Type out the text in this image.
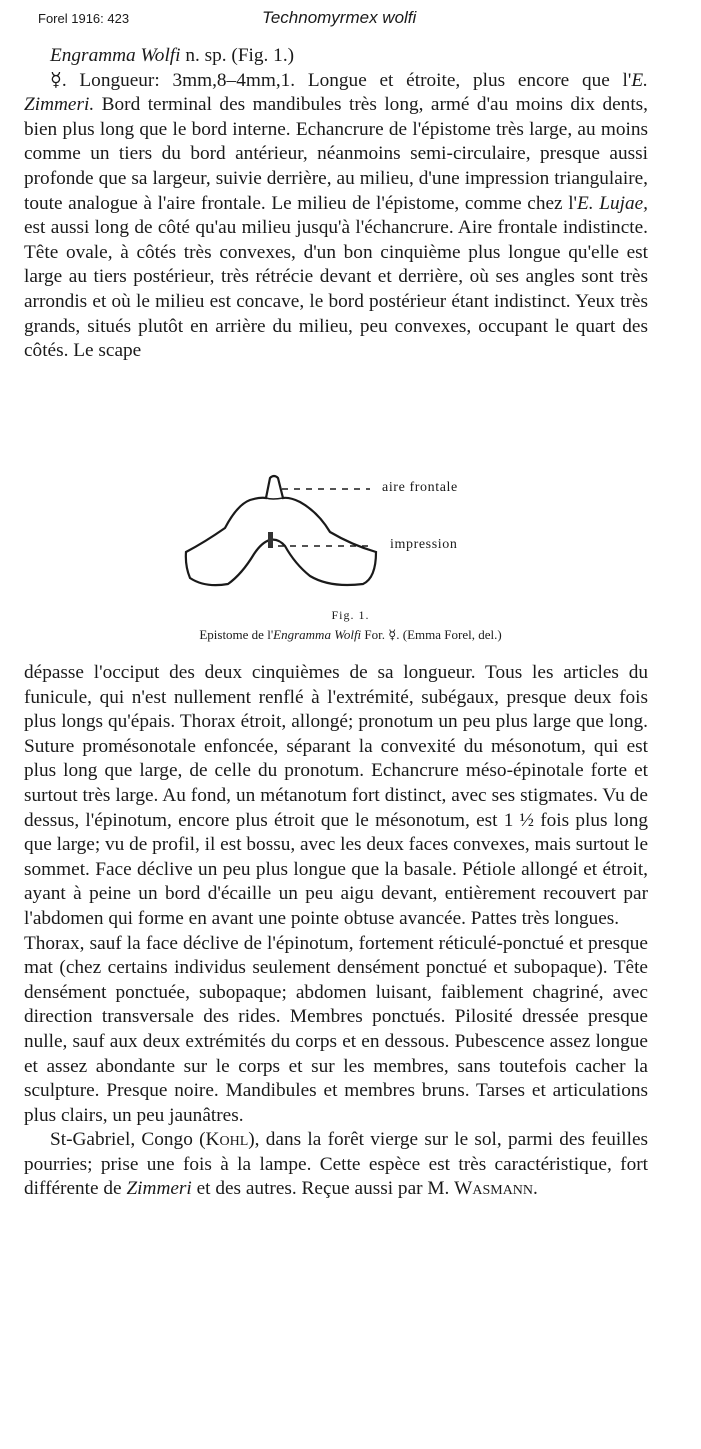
Forel 1916: 423	Technomyrmex wolfi

Engramma Wolfi n. sp. (Fig. 1.)

☿. Longueur: 3mm,8–4mm,1. Longue et étroite, plus encore que l'E. Zimmeri. Bord terminal des mandibules très long, armé d'au moins dix dents, bien plus long que le bord interne. Echancrure de l'épistome très large, au moins comme un tiers du bord antérieur, néanmoins semi-circulaire, presque aussi profonde que sa largeur, suivie derrière, au milieu, d'une impression triangulaire, toute analogue à l'aire frontale. Le milieu de l'épistome, comme chez l'E. Lujae, est aussi long de côté qu'au milieu jusqu'à l'échancrure. Aire frontale indistincte. Tête ovale, à côtés très convexes, d'un bon cinquième plus longue qu'elle est large au tiers postérieur, très rétrécie devant et derrière, où ses angles sont très arrondis et où le milieu est concave, le bord postérieur étant indistinct. Yeux très grands, situés plutôt en arrière du milieu, peu convexes, occupant le quart des côtés. Le scape

aire frontale
impression
Fig. 1.
Epistome de l'Engramma Wolfi For. ☿. (Emma Forel, del.)

dépasse l'occiput des deux cinquièmes de sa longueur. Tous les articles du funicule, qui n'est nullement renflé à l'extrémité, subégaux, presque deux fois plus longs qu'épais. Thorax étroit, allongé; pronotum un peu plus large que long. Suture promésonotale enfoncée, séparant la convexité du mésonotum, qui est plus long que large, de celle du pronotum. Echancrure méso-épinotale forte et surtout très large. Au fond, un métanotum fort distinct, avec ses stigmates. Vu de dessus, l'épinotum, encore plus étroit que le mésonotum, est 1 ½ fois plus long que large; vu de profil, il est bossu, avec les deux faces convexes, mais surtout le sommet. Face déclive un peu plus longue que la basale. Pétiole allongé et étroit, ayant à peine un bord d'écaille un peu aigu devant, entièrement recouvert par l'abdomen qui forme en avant une pointe obtuse avancée. Pattes très longues.

Thorax, sauf la face déclive de l'épinotum, fortement réticulé-ponctué et presque mat (chez certains individus seulement densément ponctué et subopaque). Tête densément ponctuée, subopaque; abdomen luisant, faiblement chagriné, avec direction transversale des rides. Membres ponctués. Pilosité dressée presque nulle, sauf aux deux extrémités du corps et en dessous. Pubescence assez longue et assez abondante sur le corps et sur les membres, sans toutefois cacher la sculpture. Presque noire. Mandibules et membres bruns. Tarses et articulations plus clairs, un peu jaunâtres.

St-Gabriel, Congo (Kohl), dans la forêt vierge sur le sol, parmi des feuilles pourries; prise une fois à la lampe. Cette espèce est très caractéristique, fort différente de Zimmeri et des autres. Reçue aussi par M. Wasmann.
